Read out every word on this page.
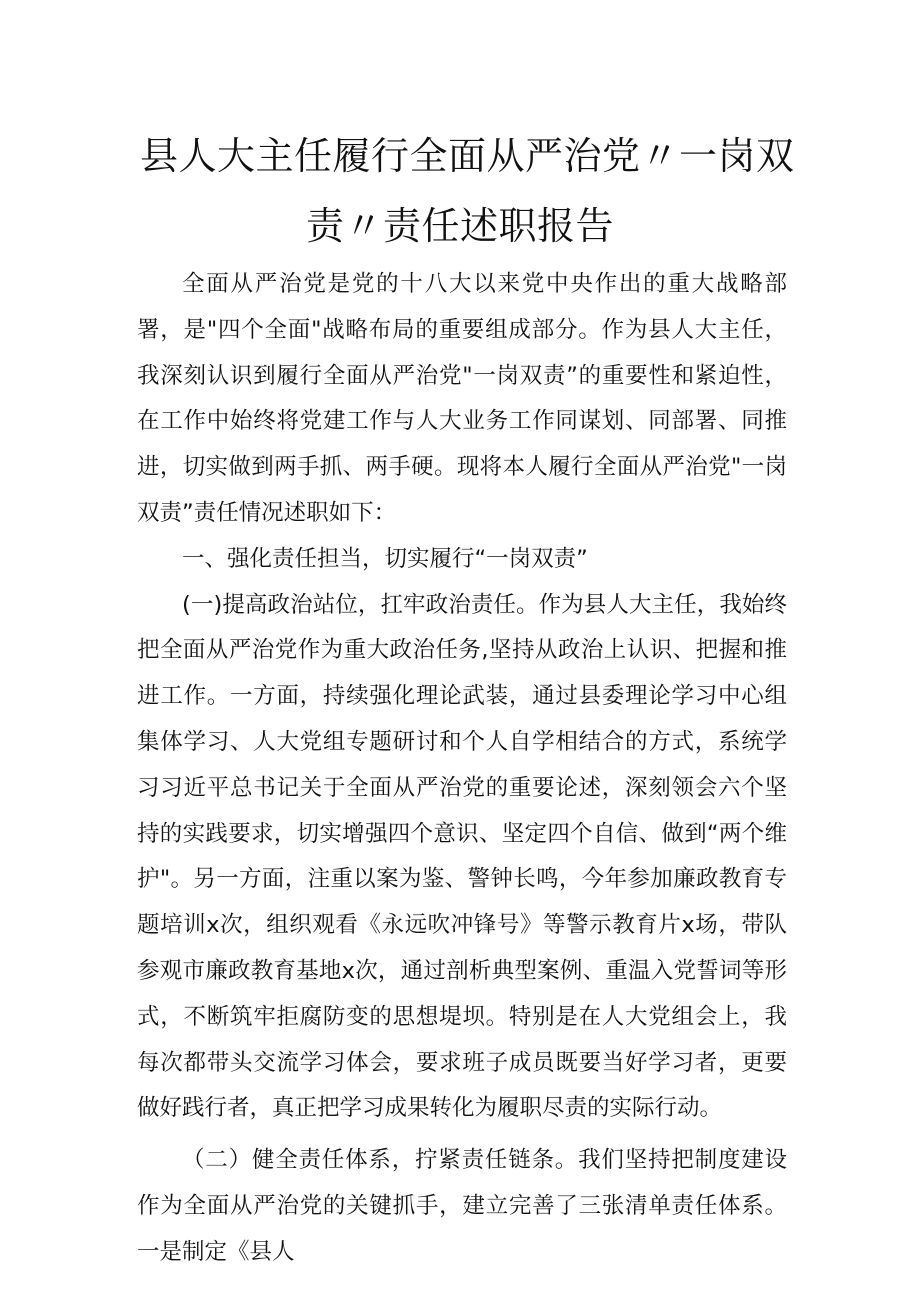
县人大主任履行全面从严治党〃一岗双
责〃责任述职报告

全面从严治党是党的十八大以来党中央作出的重大战略部署，是"四个全面"战略布局的重要组成部分。作为县人大主任，我深刻认识到履行全面从严治党"一岗双责”的重要性和紧迫性，在工作中始终将党建工作与人大业务工作同谋划、同部署、同推进，切实做到两手抓、两手硬。现将本人履行全面从严治党"一岗双责”责任情况述职如下：

一、强化责任担当，切实履行“一岗双责”

(一)提高政治站位，扛牢政治责任。作为县人大主任，我始终把全面从严治党作为重大政治任务,坚持从政治上认识、把握和推进工作。一方面，持续强化理论武装，通过县委理论学习中心组集体学习、人大党组专题研讨和个人自学相结合的方式，系统学习习近平总书记关于全面从严治党的重要论述，深刻领会六个坚持的实践要求，切实增强四个意识、坚定四个自信、做到“两个维护"。另一方面，注重以案为鉴、警钟长鸣，今年参加廉政教育专题培训x次，组织观看《永远吹冲锋号》等警示教育片x场，带队参观市廉政教育基地x次，通过剖析典型案例、重温入党誓词等形式，不断筑牢拒腐防变的思想堤坝。特别是在人大党组会上，我每次都带头交流学习体会，要求班子成员既要当好学习者，更要做好践行者，真正把学习成果转化为履职尽责的实际行动。

（二）健全责任体系，拧紧责任链条。我们坚持把制度建设作为全面从严治党的关键抓手，建立完善了三张清单责任体系。一是制定《县人
